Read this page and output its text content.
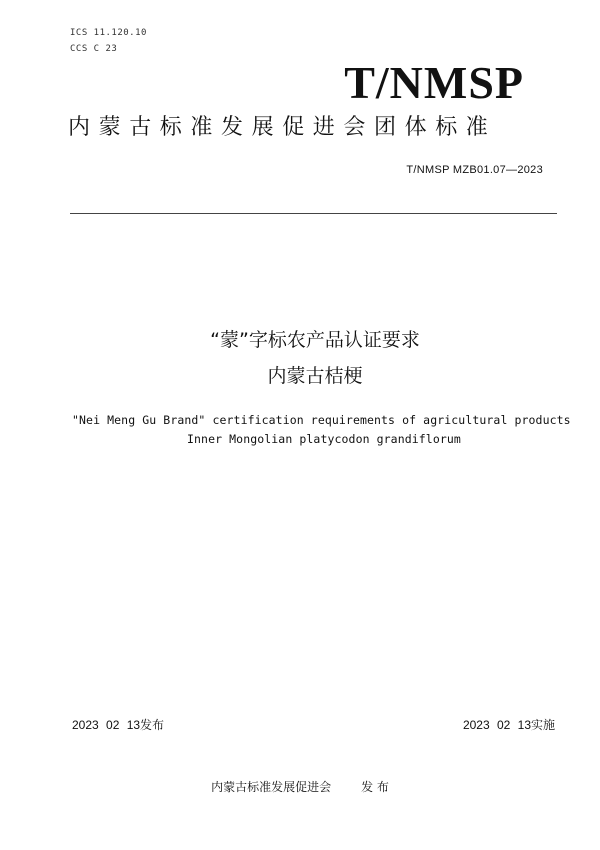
ICS 11.120.10
CCS C 23
T/NMSP
内蒙古标准发展促进会团体标准
T/NMSP MZB01.07—2023
“蒙”字标农产品认证要求
内蒙古桔梗
"Nei Meng Gu Brand" certification requirements of agricultural products
Inner Mongolian platycodon grandiflorum
2023 02 13发布	2023 02 13实施
内蒙古标准发展促进会	发 布
